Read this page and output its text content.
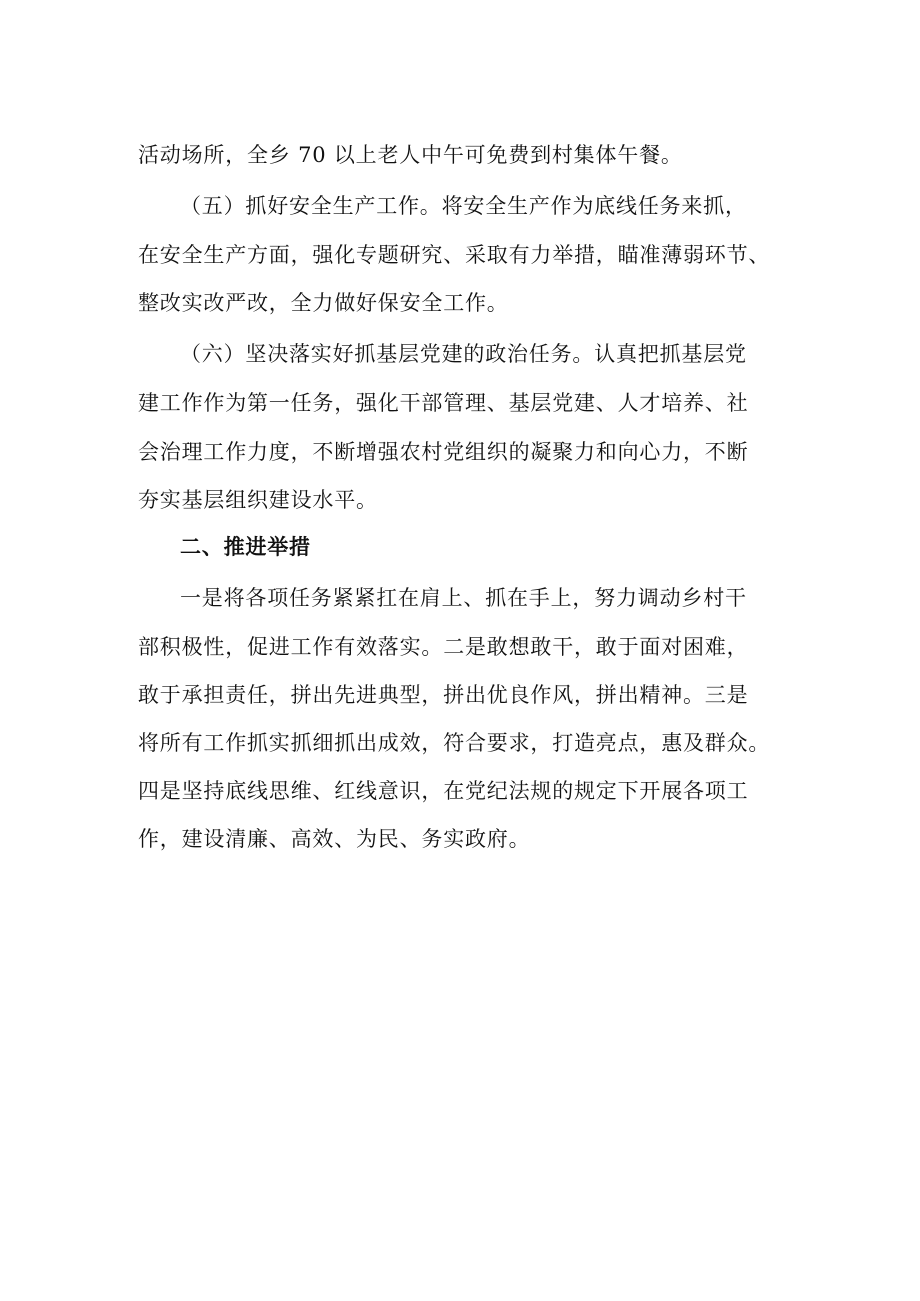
活动场所，全乡 70 以上老人中午可免费到村集体午餐。
（五）抓好安全生产工作。将安全生产作为底线任务来抓，
在安全生产方面，强化专题研究、采取有力举措，瞄准薄弱环节、
整改实改严改，全力做好保安全工作。
（六）坚决落实好抓基层党建的政治任务。认真把抓基层党
建工作作为第一任务，强化干部管理、基层党建、人才培养、社
会治理工作力度，不断增强农村党组织的凝聚力和向心力，不断
夯实基层组织建设水平。
二、推进举措
一是将各项任务紧紧扛在肩上、抓在手上，努力调动乡村干
部积极性，促进工作有效落实。二是敢想敢干，敢于面对困难，
敢于承担责任，拼出先进典型，拼出优良作风，拼出精神。三是
将所有工作抓实抓细抓出成效，符合要求，打造亮点，惠及群众。
四是坚持底线思维、红线意识，在党纪法规的规定下开展各项工
作，建设清廉、高效、为民、务实政府。
